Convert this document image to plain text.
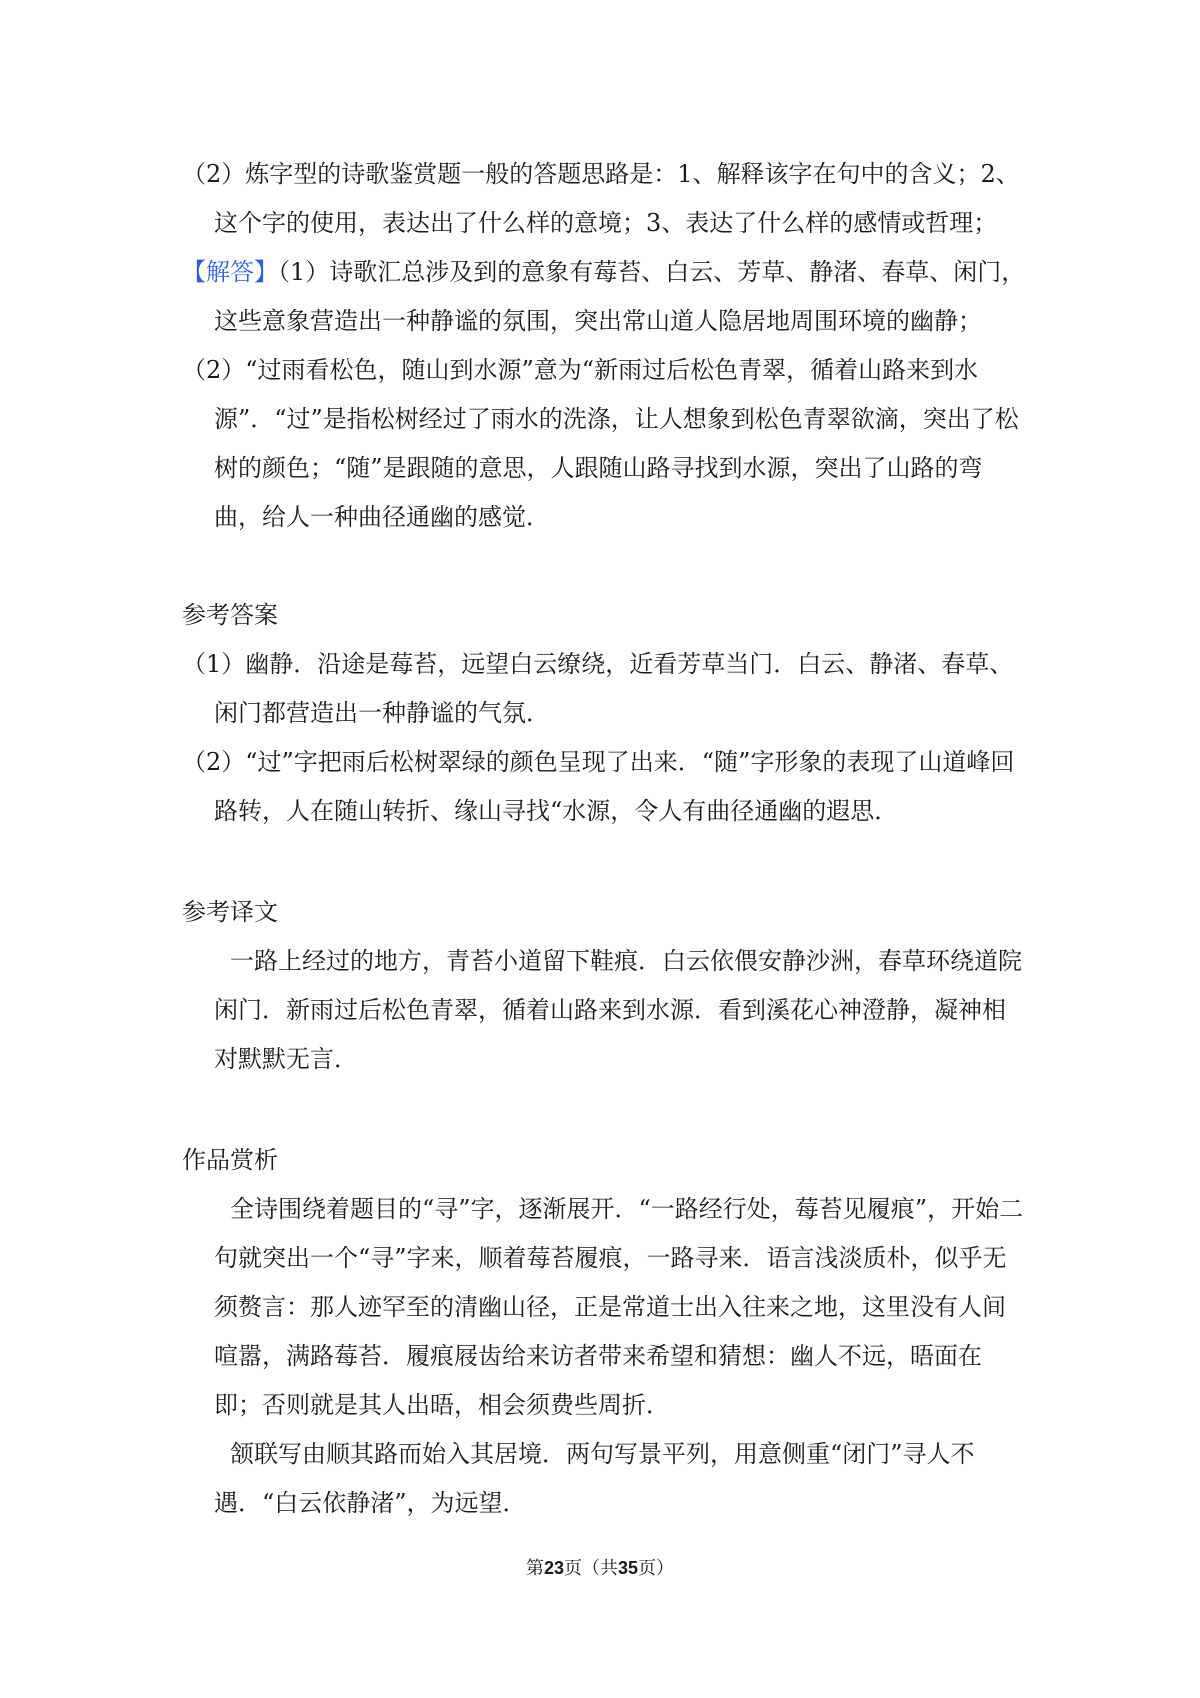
（2）炼字型的诗歌鉴赏题一般的答题思路是：1、解释该字在句中的含义；2、这个字的使用，表达出了什么样的意境；3、表达了什么样的感情或哲理；

【解答】（1）诗歌汇总涉及到的意象有莓苔、白云、芳草、静渚、春草、闲门，这些意象营造出一种静谧的氛围，突出常山道人隐居地周围环境的幽静；

（2）“过雨看松色，随山到水源”意为“新雨过后松色青翠，循着山路来到水源”．“过”是指松树经过了雨水的洗涤，让人想象到松色青翠欲滴，突出了松树的颜色；“随”是跟随的意思，人跟随山路寻找到水源，突出了山路的弯曲，给人一种曲径通幽的感觉．

参考答案

（1）幽静．沿途是莓苔，远望白云缭绕，近看芳草当门．白云、静渚、春草、闲门都营造出一种静谧的气氛．

（2）“过”字把雨后松树翠绿的颜色呈现了出来．“随”字形象的表现了山道峰回路转，人在随山转折、缘山寻找“水源，令人有曲径通幽的遐思．

参考译文

一路上经过的地方，青苔小道留下鞋痕．白云依偎安静沙洲，春草环绕道院闲门．新雨过后松色青翠，循着山路来到水源．看到溪花心神澄静，凝神相对默默无言．

作品赏析

全诗围绕着题目的“寻”字，逐渐展开．“一路经行处，莓苔见履痕”，开始二句就突出一个“寻”字来，顺着莓苔履痕，一路寻来．语言浅淡质朴，似乎无须赘言：那人迹罕至的清幽山径，正是常道士出入往来之地，这里没有人间喧嚣，满路莓苔．履痕屐齿给来访者带来希望和猜想：幽人不远，晤面在即；否则就是其人出晤，相会须费些周折．

颔联写由顺其路而始入其居境．两句写景平列，用意侧重“闭门”寻人不遇．“白云依静渚”，为远望．

第23页（共35页）
